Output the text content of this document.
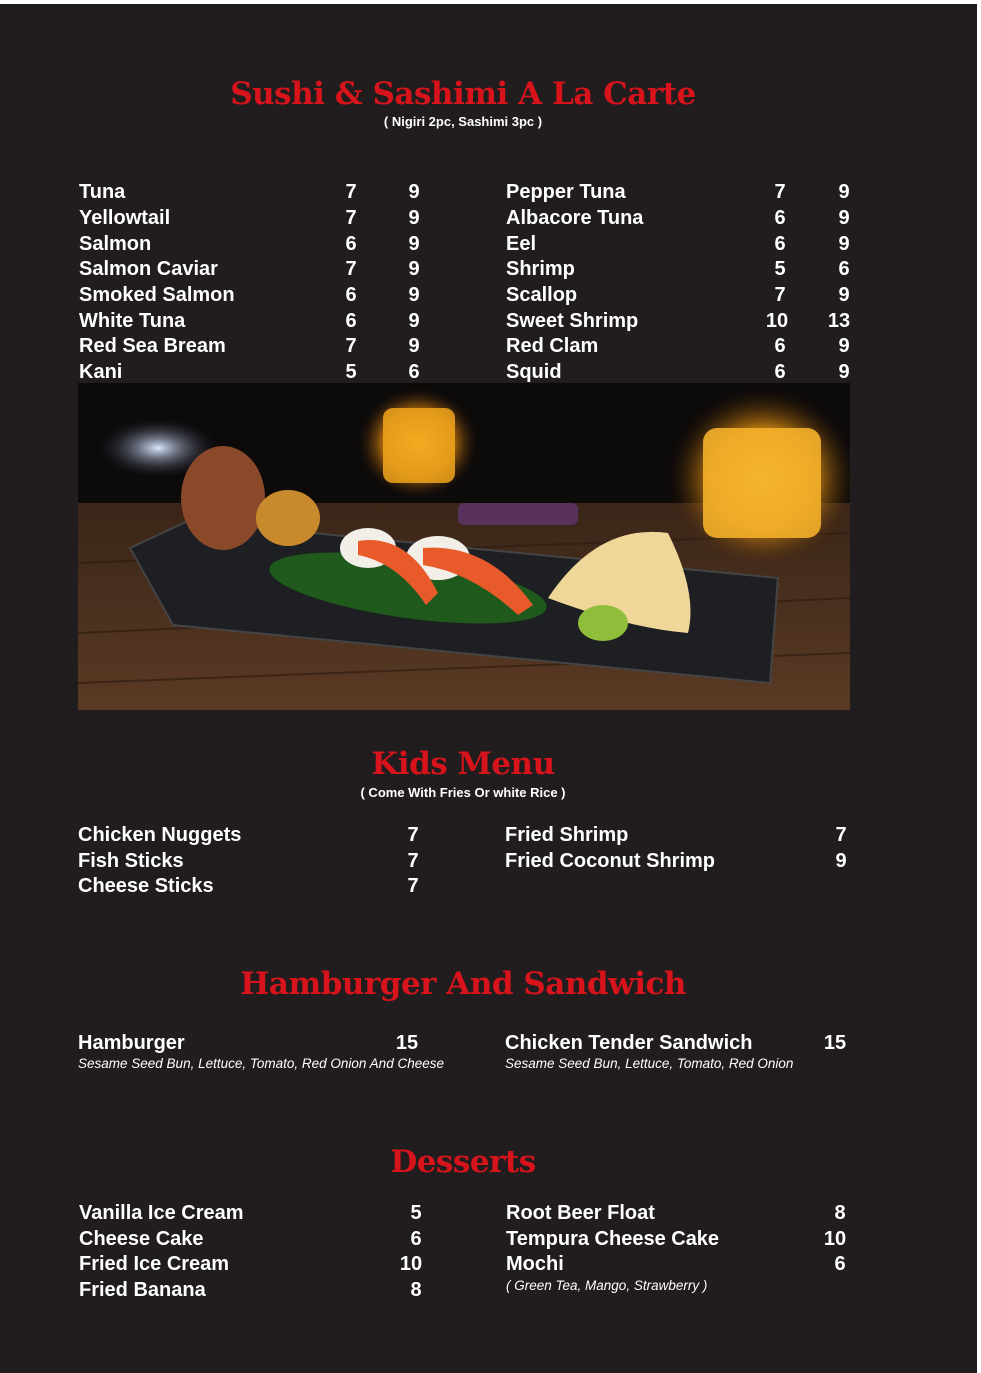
Sushi & Sashimi A La Carte
( Nigiri 2pc, Sashimi 3pc )
Tuna	7	9
Yellowtail	7	9
Salmon	6	9
Salmon Caviar	7	9
Smoked Salmon	6	9
White Tuna	6	9
Red Sea Bream	7	9
Kani	5	6
Pepper Tuna	7	9
Albacore Tuna	6	9
Eel	6	9
Shrimp	5	6
Scallop	7	9
Sweet Shrimp	10	13
Red Clam	6	9
Squid	6	9
Kids Menu
( Come With Fries Or white Rice )
Chicken Nuggets	7
Fish Sticks	7
Cheese Sticks	7
Fried Shrimp	7
Fried Coconut Shrimp	9
Hamburger And Sandwich
Hamburger	15
Sesame Seed Bun, Lettuce, Tomato, Red Onion And Cheese
Chicken Tender Sandwich	15
Sesame Seed Bun, Lettuce, Tomato, Red Onion
Desserts
Vanilla Ice Cream	5
Cheese Cake	6
Fried Ice Cream	10
Fried Banana	8
Root Beer Float	8
Tempura Cheese Cake	10
Mochi	6
( Green Tea, Mango, Strawberry )
